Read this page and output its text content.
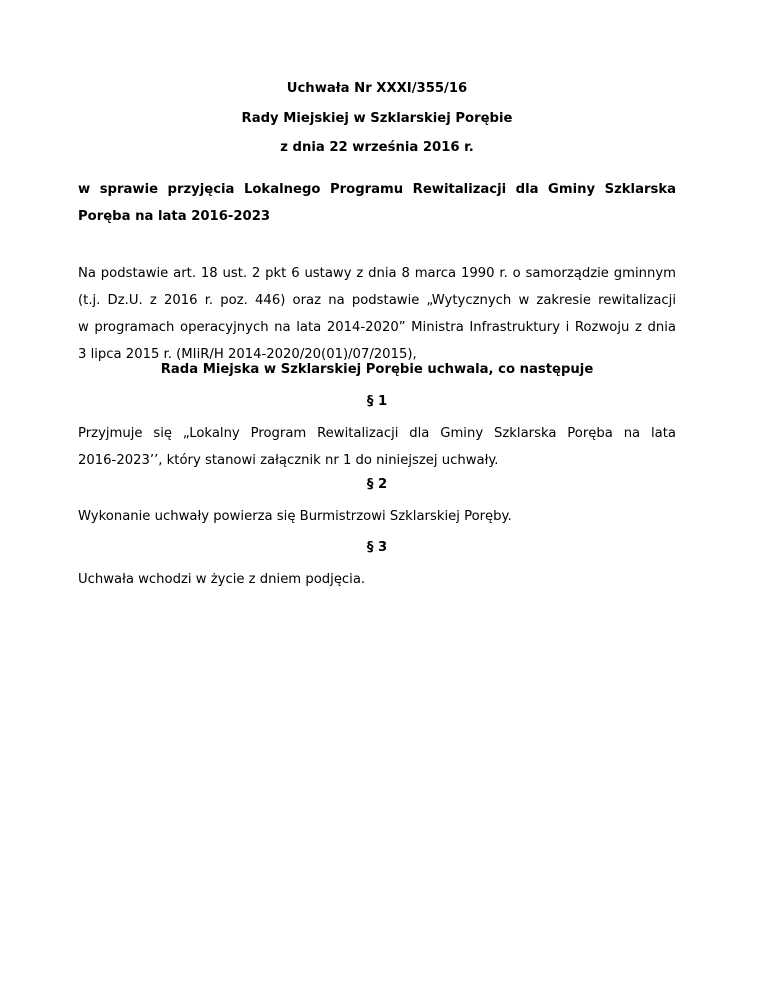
Uchwała Nr XXXI/355/16
Rady Miejskiej w Szklarskiej Porębie
z dnia 22 września 2016 r.
w sprawie przyjęcia Lokalnego Programu Rewitalizacji dla Gminy Szklarska
Poręba na lata 2016-2023
Na podstawie art. 18 ust. 2 pkt 6 ustawy z dnia 8 marca 1990 r. o samorządzie gminnym
(t.j. Dz.U. z 2016 r. poz. 446) oraz na podstawie „Wytycznych w zakresie rewitalizacji
w programach operacyjnych na lata 2014-2020” Ministra Infrastruktury i Rozwoju z dnia
3 lipca 2015 r. (MIiR/H 2014-2020/20(01)/07/2015),
Rada Miejska w Szklarskiej Porębie uchwala, co następuje
§ 1
Przyjmuje się „Lokalny Program Rewitalizacji dla Gminy Szklarska Poręba na lata
2016-2023’’, który stanowi załącznik nr 1 do niniejszej uchwały.
§ 2
Wykonanie uchwały powierza się Burmistrzowi Szklarskiej Poręby.
§ 3
Uchwała wchodzi w życie z dniem podjęcia.
